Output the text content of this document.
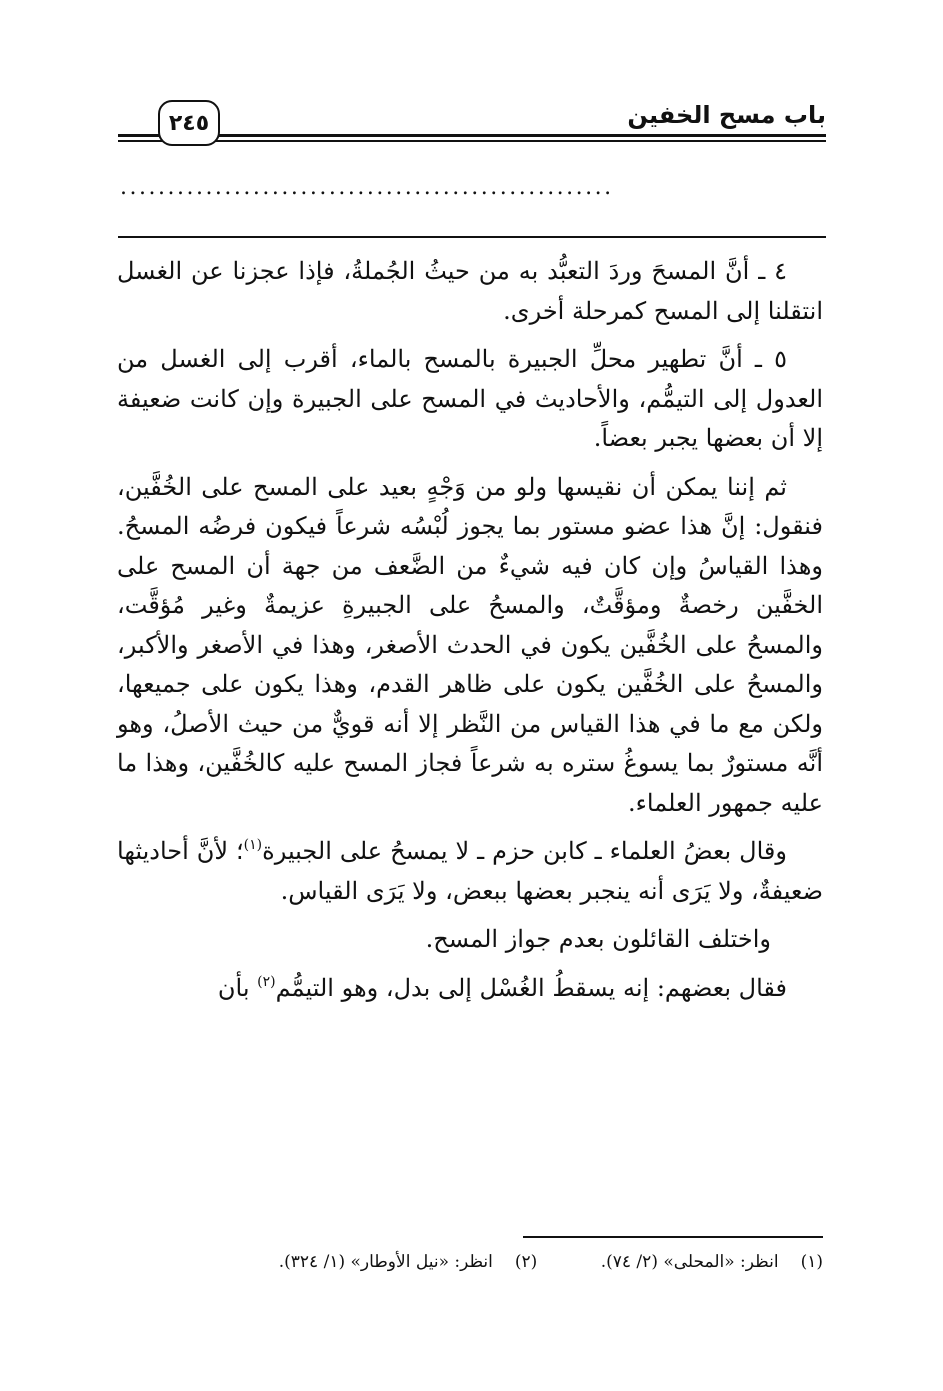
باب مسح الخفين
٢٤٥
....................................................

٤ ـ أنَّ المسحَ وردَ التعبُّد به من حيثُ الجُملةُ، فإذا عجزنا عن الغسل انتقلنا إلى المسح كمرحلة أخرى.

٥ ـ أنَّ تطهير محلِّ الجبيرة بالمسح بالماء، أقرب إلى الغسل من العدول إلى التيمُّم، والأحاديث في المسح على الجبيرة وإن كانت ضعيفة إلا أن بعضها يجبر بعضاً.

ثم إننا يمكن أن نقيسها ولو من وَجْهٍ بعيد على المسح على الخُفَّين، فنقول: إنَّ هذا عضو مستور بما يجوز لُبْسُه شرعاً فيكون فرضُه المسحُ. وهذا القياسُ وإن كان فيه شيءٌ من الضَّعف من جهة أن المسح على الخفَّين رخصةٌ ومؤقَّتٌ، والمسحُ على الجبيرةِ عزيمةٌ وغير مُؤقَّت، والمسحُ على الخُفَّين يكون في الحدث الأصغر، وهذا في الأصغر والأكبر، والمسحُ على الخُفَّين يكون على ظاهر القدم، وهذا يكون على جميعها، ولكن مع ما في هذا القياس من النَّظر إلا أنه قويٌّ من حيث الأصلُ، وهو أنَّه مستورٌ بما يسوغُ ستره به شرعاً فجاز المسح عليه كالخُفَّين، وهذا ما عليه جمهور العلماء.

وقال بعضُ العلماء ـ كابن حزم ـ لا يمسحُ على الجبيرة$^{(١)}$؛ لأنَّ أحاديثها ضعيفةٌ، ولا يَرَى أنه ينجبر بعضها ببعض، ولا يَرَى القياس.

واختلف القائلون بعدم جواز المسح.

فقال بعضهم: إنه يسقطُ الغُسْل إلى بدل، وهو التيمُّم$^{(٢)}$ بأن

(١)انظر: «المحلى» (٢/ ٧٤). (٢)انظر: «نيل الأوطار» (١/ ٣٢٤).
